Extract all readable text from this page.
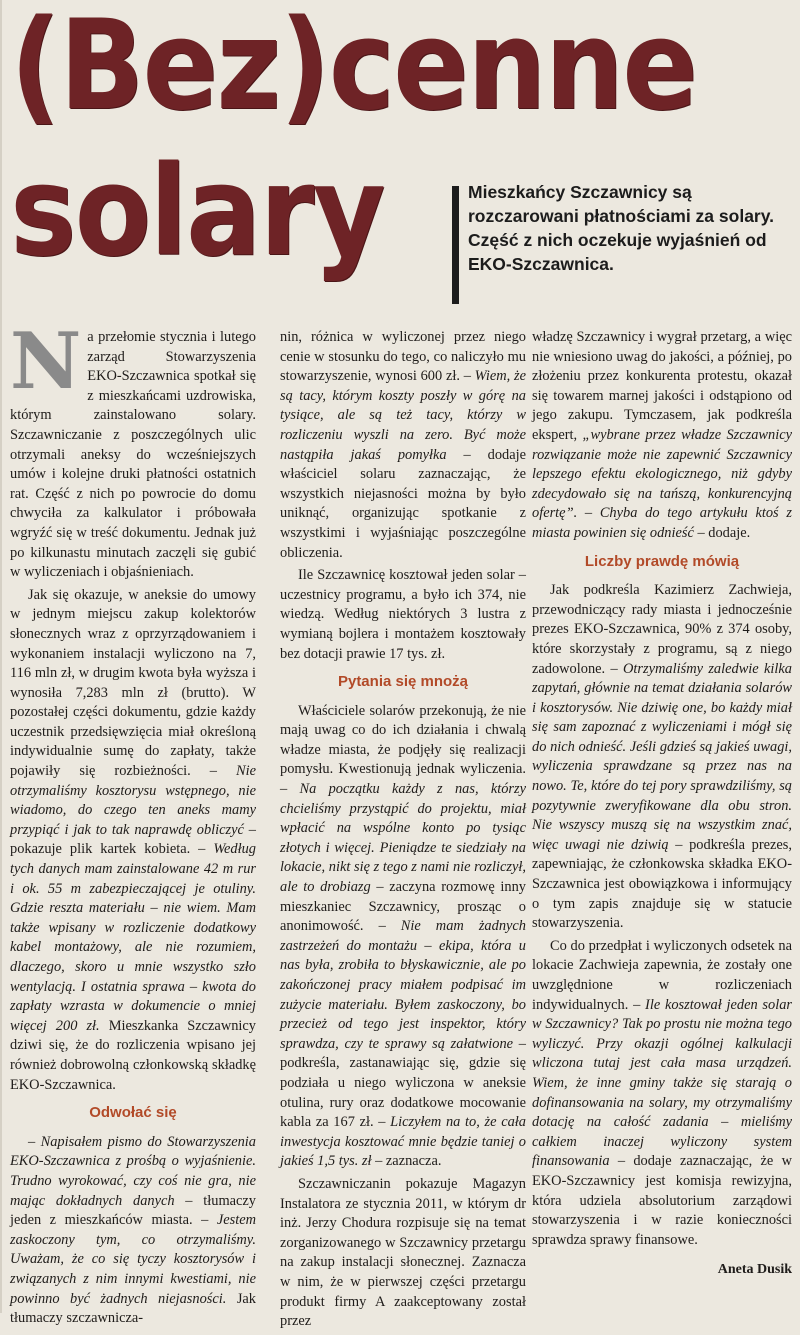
(Bez)cenne
solary	Mieszkańcy Szczawnicy są rozczarowani płatnościami za solary. Część z nich oczekuje wyjaśnień od EKO-Szczawnica.

Na przełomie stycznia i lutego zarząd Stowarzyszenia EKO-Szczawnica spotkał się z mieszkańcami uzdrowiska, którym zainstalowano solary. Szczawniczanie z poszczególnych ulic otrzymali aneksy do wcześniejszych umów i kolejne druki płatności ostatnich rat. Część z nich po powrocie do domu chwyciła za kalkulator i próbowała wgryźć się w treść dokumentu. Jednak już po kilkunastu minutach zaczęli się gubić w wyliczeniach i objaśnieniach.

Jak się okazuje, w aneksie do umowy w jednym miejscu zakup kolektorów słonecznych wraz z oprzyrządowaniem i wykonaniem instalacji wyliczono na 7, 116 mln zł, w drugim kwota była wyższa i wynosiła 7,283 mln zł (brutto). W pozostałej części dokumentu, gdzie każdy uczestnik przedsięwzięcia miał określoną indywidualnie sumę do zapłaty, także pojawiły się rozbieżności. – Nie otrzymaliśmy kosztorysu wstępnego, nie wiadomo, do czego ten aneks mamy przypiąć i jak to tak naprawdę obliczyć – pokazuje plik kartek kobieta. – Według tych danych mam zainstalowane 42 m rur i ok. 55 m zabezpieczającej je otuliny. Gdzie reszta materiału – nie wiem. Mam także wpisany w rozliczenie dodatkowy kabel montażowy, ale nie rozumiem, dlaczego, skoro u mnie wszystko szło wentylacją. I ostatnia sprawa – kwota do zapłaty wzrasta w dokumencie o mniej więcej 200 zł. Mieszkanka Szczawnicy dziwi się, że do rozliczenia wpisano jej również dobrowolną członkowską składkę EKO-Szczawnica.

Odwołać się

– Napisałem pismo do Stowarzyszenia EKO-Szczawnica z prośbą o wyjaśnienie. Trudno wyrokować, czy coś nie gra, nie mając dokładnych danych – tłumaczy jeden z mieszkańców miasta. – Jestem zaskoczony tym, co otrzymaliśmy. Uważam, że co się tyczy kosztorysów i związanych z nim innymi kwestiami, nie powinno być żadnych niejasności. Jak tłumaczy szczawnicza-

nin, różnica w wyliczonej przez niego cenie w stosunku do tego, co naliczyło mu stowarzyszenie, wynosi 600 zł. – Wiem, że są tacy, którym koszty poszły w górę na tysiące, ale są też tacy, którzy w rozliczeniu wyszli na zero. Być może nastąpiła jakaś pomyłka – dodaje właściciel solaru zaznaczając, że wszystkich niejasności można by było uniknąć, organizując spotkanie z wszystkimi i wyjaśniając poszczególne obliczenia.

Ile Szczawnicę kosztował jeden solar – uczestnicy programu, a było ich 374, nie wiedzą. Według niektórych 3 lustra z wymianą bojlera i montażem kosztowały bez dotacji prawie 17 tys. zł.

Pytania się mnożą

Właściciele solarów przekonują, że nie mają uwag co do ich działania i chwalą władze miasta, że podjęły się realizacji pomysłu. Kwestionują jednak wyliczenia. – Na początku każdy z nas, którzy chcieliśmy przystąpić do projektu, miał wpłacić na wspólne konto po tysiąc złotych i więcej. Pieniądze te siedziały na lokacie, nikt się z tego z nami nie rozliczył, ale to drobiazg – zaczyna rozmowę inny mieszkaniec Szczawnicy, prosząc o anonimowość. – Nie mam żadnych zastrzeżeń do montażu – ekipa, która u nas była, zrobiła to błyskawicznie, ale po zakończonej pracy miałem podpisać im zużycie materiału. Byłem zaskoczony, bo przecież od tego jest inspektor, który sprawdza, czy te sprawy są załatwione – podkreśla, zastanawiając się, gdzie się podziała u niego wyliczona w aneksie otulina, rury oraz dodatkowe mocowanie kabla za 167 zł. – Liczyłem na to, że cała inwestycja kosztować mnie będzie taniej o jakieś 1,5 tys. zł – zaznacza.

Szczawniczanin pokazuje Magazyn Instalatora ze stycznia 2011, w którym dr inż. Jerzy Chodura rozpisuje się na temat zorganizowanego w Szczawnicy przetargu na zakup instalacji słonecznej. Zaznacza w nim, że w pierwszej części przetargu produkt firmy A zaakceptowany został przez

władzę Szczawnicy i wygrał przetarg, a więc nie wniesiono uwag do jakości, a później, po złożeniu przez konkurenta protestu, okazał się towarem marnej jakości i odstąpiono od jego zakupu. Tymczasem, jak podkreśla ekspert, „wybrane przez władze Szczawnicy rozwiązanie może nie zapewnić Szczawnicy lepszego efektu ekologicznego, niż gdyby zdecydowało się na tańszą, konkurencyjną ofertę”. – Chyba do tego artykułu ktoś z miasta powinien się odnieść – dodaje.

Liczby prawdę mówią

Jak podkreśla Kazimierz Zachwieja, przewodniczący rady miasta i jednocześnie prezes EKO-Szczawnica, 90% z 374 osoby, które skorzystały z programu, są z niego zadowolone. – Otrzymaliśmy zaledwie kilka zapytań, głównie na temat działania solarów i kosztorysów. Nie dziwię one, bo każdy miał się sam zapoznać z wyliczeniami i mógł się do nich odnieść. Jeśli gdzieś są jakieś uwagi, wyliczenia sprawdzane są przez nas na nowo. Te, które do tej pory sprawdziliśmy, są pozytywnie zweryfikowane dla obu stron. Nie wszyscy muszą się na wszystkim znać, więc uwagi nie dziwią – podkreśla prezes, zapewniając, że członkowska składka EKO-Szczawnica jest obowiązkowa i informujący o tym zapis znajduje się w statucie stowarzyszenia.

Co do przedpłat i wyliczonych odsetek na lokacie Zachwieja zapewnia, że zostały one uwzględnione w rozliczeniach indywidualnych. – Ile kosztował jeden solar w Szczawnicy? Tak po prostu nie można tego wyliczyć. Przy okazji ogólnej kalkulacji wliczona tutaj jest cała masa urządzeń. Wiem, że inne gminy także się starają o dofinansowania na solary, my otrzymaliśmy dotację na całość zadania – mieliśmy całkiem inaczej wyliczony system finansowania – dodaje zaznaczając, że w EKO-Szczawnicy jest komisja rewizyjna, która udziela absolutorium zarządowi stowarzyszenia i w razie konieczności sprawdza sprawy finansowe.

Aneta Dusik
